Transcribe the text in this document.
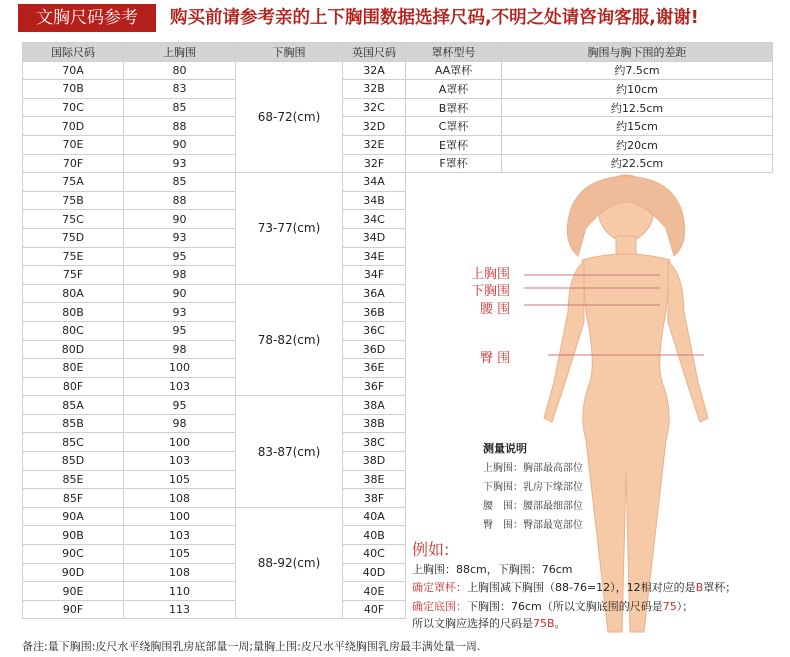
文胸尺码参考	购买前请参考亲的上下胸围数据选择尺码,不明之处请咨询客服,谢谢!
国际尺码	上胸围	下胸围	英国尺码	罩杯型号	胸围与胸下围的差距
70A	80	68-72(cm)	32A	AA罩杯	约7.5cm
70B	83		32B	A罩杯	约10cm
70C	85		32C	B罩杯	约12.5cm
70D	88		32D	C罩杯	约15cm
70E	90		32E	E罩杯	约20cm
70F	93		32F	F罩杯	约22.5cm
75A	85	73-77(cm)	34A		
75B	88		34B		
75C	90		34C		
75D	93		34D		
75E	95		34E		
75F	98		34F		
80A	90	78-82(cm)	36A		
80B	93		36B		
80C	95		36C		
80D	98		36D		
80E	100		36E		
80F	103		36F		
85A	95	83-87(cm)	38A		
85B	98		38B		
85C	100		38C		
85D	103		38D		
85E	105		38E		
85F	108		38F		
90A	100	88-92(cm)	40A		
90B	103		40B		
90C	105		40C		
90D	108		40D		
90E	110		40E		
90F	113		40F		
上胸围
下胸围
腰 围
臀 围
测量说明
上胸围：胸部最高部位
下胸围：乳房下缘部位
腰　围：腰部最细部位
臀　围：臀部最宽部位
例如:
上胸围：88cm，下胸围：76cm
确定罩杯：上胸围减下胸围（88-76=12），12相对应的是B罩杯；
确定底围：下胸围：76cm（所以文胸底围的尺码是75）；
所以文胸应选择的尺码是75B。
备注:量下胸围:皮尺水平绕胸围乳房底部量一周;量胸上围:皮尺水平绕胸围乳房最丰满处量一周.
